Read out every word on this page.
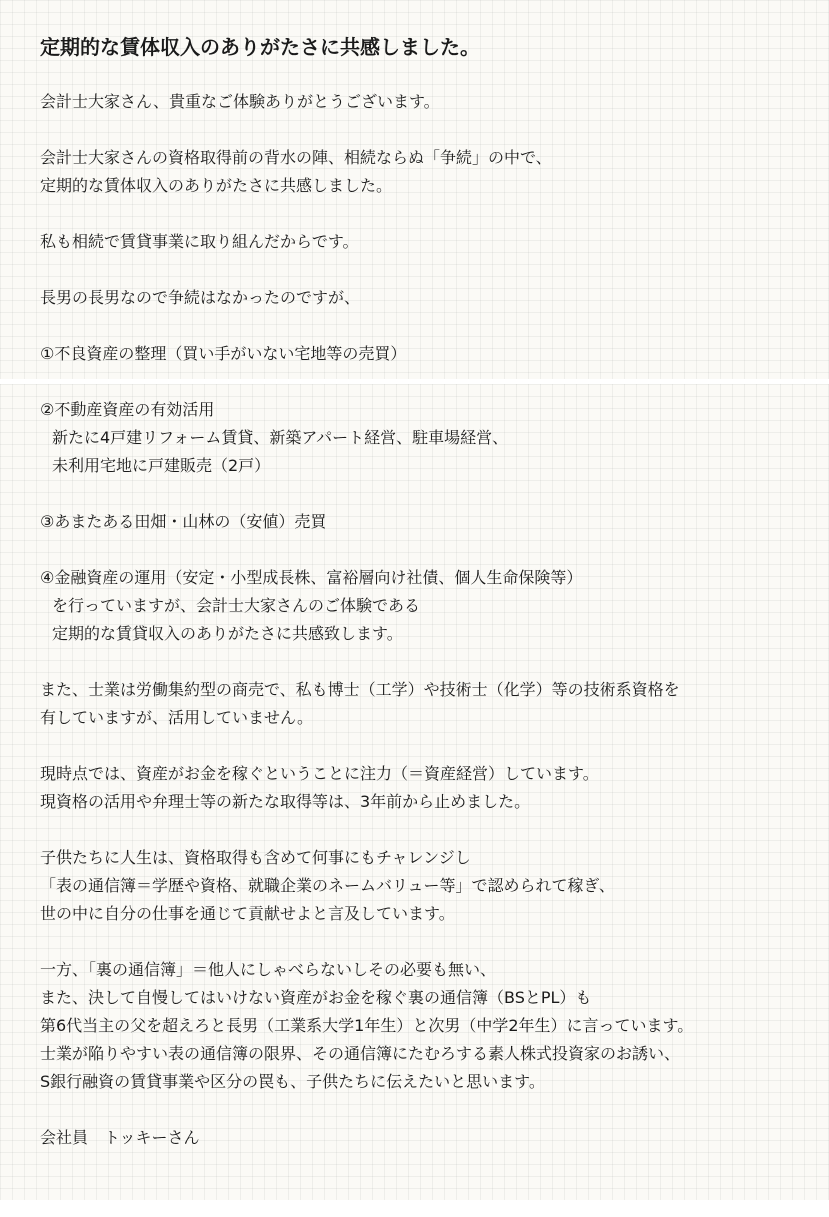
定期的な賃体収入のありがたさに共感しました。
会計士大家さん、貴重なご体験ありがとうございます。
会計士大家さんの資格取得前の背水の陣、相続ならぬ「争続」の中で、
定期的な賃体収入のありがたさに共感しました。
私も相続で賃貸事業に取り組んだからです。
長男の長男なので争続はなかったのですが、
①不良資産の整理（買い手がいない宅地等の売買）
②不動産資産の有効活用
新たに4戸建リフォーム賃貸、新築アパート経営、駐車場経営、
未利用宅地に戸建販売（2戸）
③あまたある田畑・山林の（安値）売買
④金融資産の運用（安定・小型成長株、富裕層向け社債、個人生命保険等）
を行っていますが、会計士大家さんのご体験である
定期的な賃貸収入のありがたさに共感致します。
また、士業は労働集約型の商売で、私も博士（工学）や技術士（化学）等の技術系資格を
有していますが、活用していません。
現時点では、資産がお金を稼ぐということに注力（＝資産経営）しています。
現資格の活用や弁理士等の新たな取得等は、3年前から止めました。
子供たちに人生は、資格取得も含めて何事にもチャレンジし
「表の通信簿＝学歴や資格、就職企業のネームバリュー等」で認められて稼ぎ、
世の中に自分の仕事を通じて貢献せよと言及しています。
一方、「裏の通信簿」＝他人にしゃべらないしその必要も無い、
また、決して自慢してはいけない資産がお金を稼ぐ裏の通信簿（BSとPL）も
第6代当主の父を超えろと長男（工業系大学1年生）と次男（中学2年生）に言っています。
士業が陥りやすい表の通信簿の限界、その通信簿にたむろする素人株式投資家のお誘い、
S銀行融資の賃貸事業や区分の罠も、子供たちに伝えたいと思います。
会社員　トッキーさん
